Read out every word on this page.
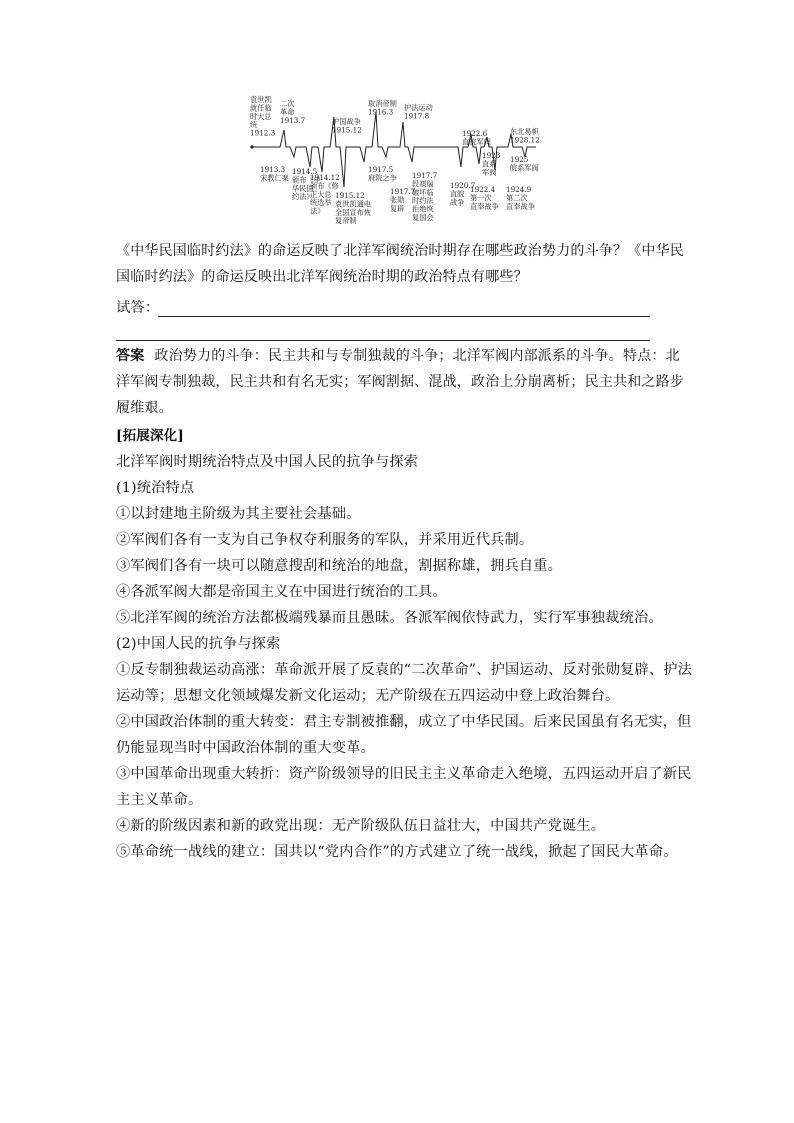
袁世凯
就任临
时大总
统
1912.3
二次
革命
1913.7	护国战争
1915.12
取消帝制
1916.3 护法运动
1917.8
1922.6
直皖军阀
1923
直系
军阀
东北易帜
1928.12
1925
皖系军阀
1913.3
宋教仁案
1914.5
颁布《中
华民国
约法》
1914.12
颁布《修
正大总
统选举
法》
1915.12
袁世凯通电
全国宣布恢
复帝制
1917.5
府院之争
1917.7
张勋
复辟
1917.7
段祺瑞
破坏临
时约法
拒绝恢
复国会
1920.7
直皖
战争
1922.4
第一次
直奉战争
1924.9
第二次
直奉战争
《中华民国临时约法》的命运反映了北洋军阀统治时期存在哪些政治势力的斗争？《中华民
国临时约法》的命运反映出北洋军阀统治时期的政治特点有哪些？
试答：
答案 政治势力的斗争：民主共和与专制独裁的斗争；北洋军阀内部派系的斗争。特点：北
洋军阀专制独裁，民主共和有名无实；军阀割据、混战，政治上分崩离析；民主共和之路步
履维艰。
[拓展深化]
北洋军阀时期统治特点及中国人民的抗争与探索
(1)统治特点
①以封建地主阶级为其主要社会基础。
②军阀们各有一支为自己争权夺利服务的军队，并采用近代兵制。
③军阀们各有一块可以随意搜刮和统治的地盘，割据称雄，拥兵自重。
④各派军阀大都是帝国主义在中国进行统治的工具。
⑤北洋军阀的统治方法都极端残暴而且愚昧。各派军阀依恃武力，实行军事独裁统治。
(2)中国人民的抗争与探索
①反专制独裁运动高涨：革命派开展了反袁的“二次革命”、护国运动、反对张勋复辟、护法
运动等；思想文化领域爆发新文化运动；无产阶级在五四运动中登上政治舞台。
②中国政治体制的重大转变：君主专制被推翻，成立了中华民国。后来民国虽有名无实，但
仍能显现当时中国政治体制的重大变革。
③中国革命出现重大转折：资产阶级领导的旧民主主义革命走入绝境，五四运动开启了新民
主主义革命。
④新的阶级因素和新的政党出现：无产阶级队伍日益壮大，中国共产党诞生。
⑤革命统一战线的建立：国共以“党内合作”的方式建立了统一战线，掀起了国民大革命。
